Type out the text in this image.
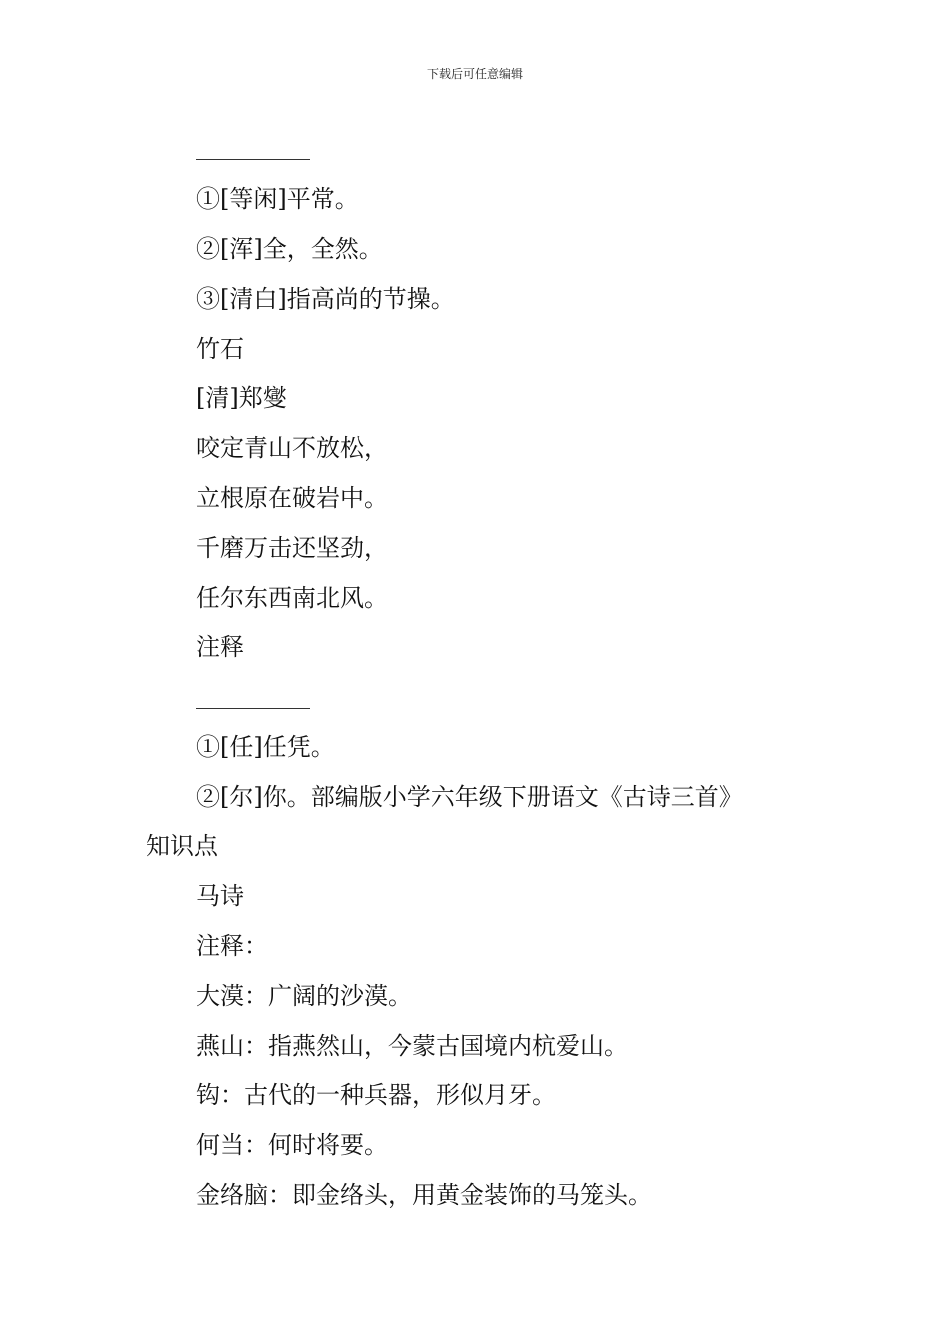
下载后可任意编辑
①[等闲]平常。
②[浑]全，全然。
③[清白]指高尚的节操。
竹石
[清]郑燮
咬定青山不放松，
立根原在破岩中。
千磨万击还坚劲，
任尔东西南北风。
注释
①[任]任凭。
②[尔]你。部编版小学六年级下册语文《古诗三首》
知识点
马诗
注释：
大漠：广阔的沙漠。
燕山：指燕然山，今蒙古国境内杭爱山。
钩：古代的一种兵器，形似月牙。
何当：何时将要。
金络脑：即金络头，用黄金装饰的马笼头。
